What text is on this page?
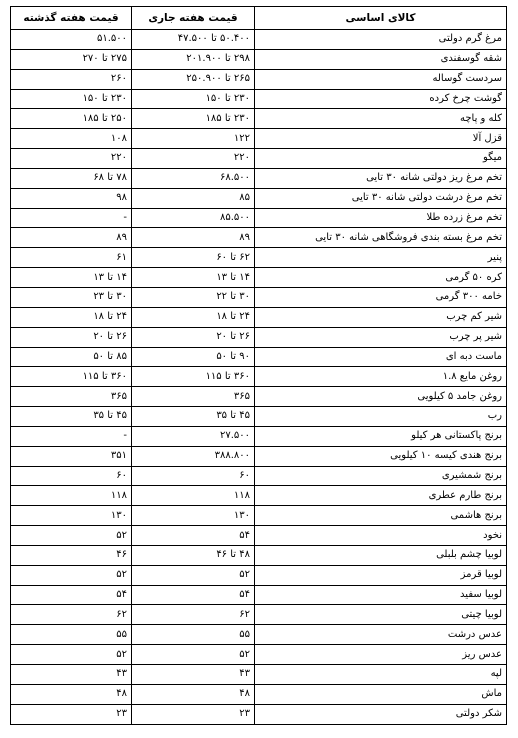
کالای اساسی	قیمت هفته جاری	قیمت هفته گذشته
مرغ گرم دولتی	۵۰.۴۰۰ تا ۴۷.۵۰۰	۵۱.۵۰۰
شقه گوسفندی	۲۹۸ تا ۲۰۱.۹۰۰	۲۷۵ تا ۲۷۰
سردست گوساله	۲۶۵ تا ۲۵۰.۹۰۰	۲۶۰
گوشت چرخ کرده	۲۳۰ تا ۱۵۰	۲۳۰ تا ۱۵۰
کله و پاچه	۲۳۰ تا ۱۸۵	۲۵۰ تا ۱۸۵
قزل آلا	۱۲۲	۱۰۸
میگو	۲۲۰	۲۲۰
تخم مرغ ریز دولتی شانه ۳۰ تایی	۶۸.۵۰۰	۷۸ تا ۶۸
تخم مرغ درشت دولتی شانه ۳۰ تایی	۸۵	۹۸
تخم مرغ زرده طلا	۸۵.۵۰۰	-
تخم مرغ بسته بندی فروشگاهی شانه ۳۰ تایی	۸۹	۸۹
پنیر	۶۲ تا ۶۰	۶۱
کره ۵۰ گرمی	۱۴ تا ۱۳	۱۴ تا ۱۳
خامه ۳۰۰ گرمی	۳۰ تا ۲۲	۳۰ تا ۲۳
شیر کم چرب	۲۴ تا ۱۸	۲۴ تا ۱۸
شیر پر چرب	۲۶ تا ۲۰	۲۶ تا ۲۰
ماست دبه ای	۹۰ تا ۵۰	۸۵ تا ۵۰
روغن مایع ۱.۸	۳۶۰ تا ۱۱۵	۳۶۰ تا ۱۱۵
روغن جامد ۵ کیلویی	۳۶۵	۳۶۵
رب	۴۵ تا ۳۵	۴۵ تا ۳۵
برنج پاکستانی هر کیلو	۲۷.۵۰۰	-
برنج هندی کیسه ۱۰ کیلویی	۳۸۸.۸۰۰	۳۵۱
برنج شمشیری	۶۰	۶۰
برنج طارم عطری	۱۱۸	۱۱۸
برنج هاشمی	۱۳۰	۱۳۰
نخود	۵۴	۵۲
لوبیا چشم بلبلی	۴۸ تا ۴۶	۴۶
لوبیا قرمز	۵۲	۵۲
لوبیا سفید	۵۴	۵۴
لوبیا چیتی	۶۲	۶۲
عدس درشت	۵۵	۵۵
عدس ریز	۵۲	۵۲
لپه	۴۳	۴۳
ماش	۴۸	۴۸
شکر دولتی	۲۳	۲۳
